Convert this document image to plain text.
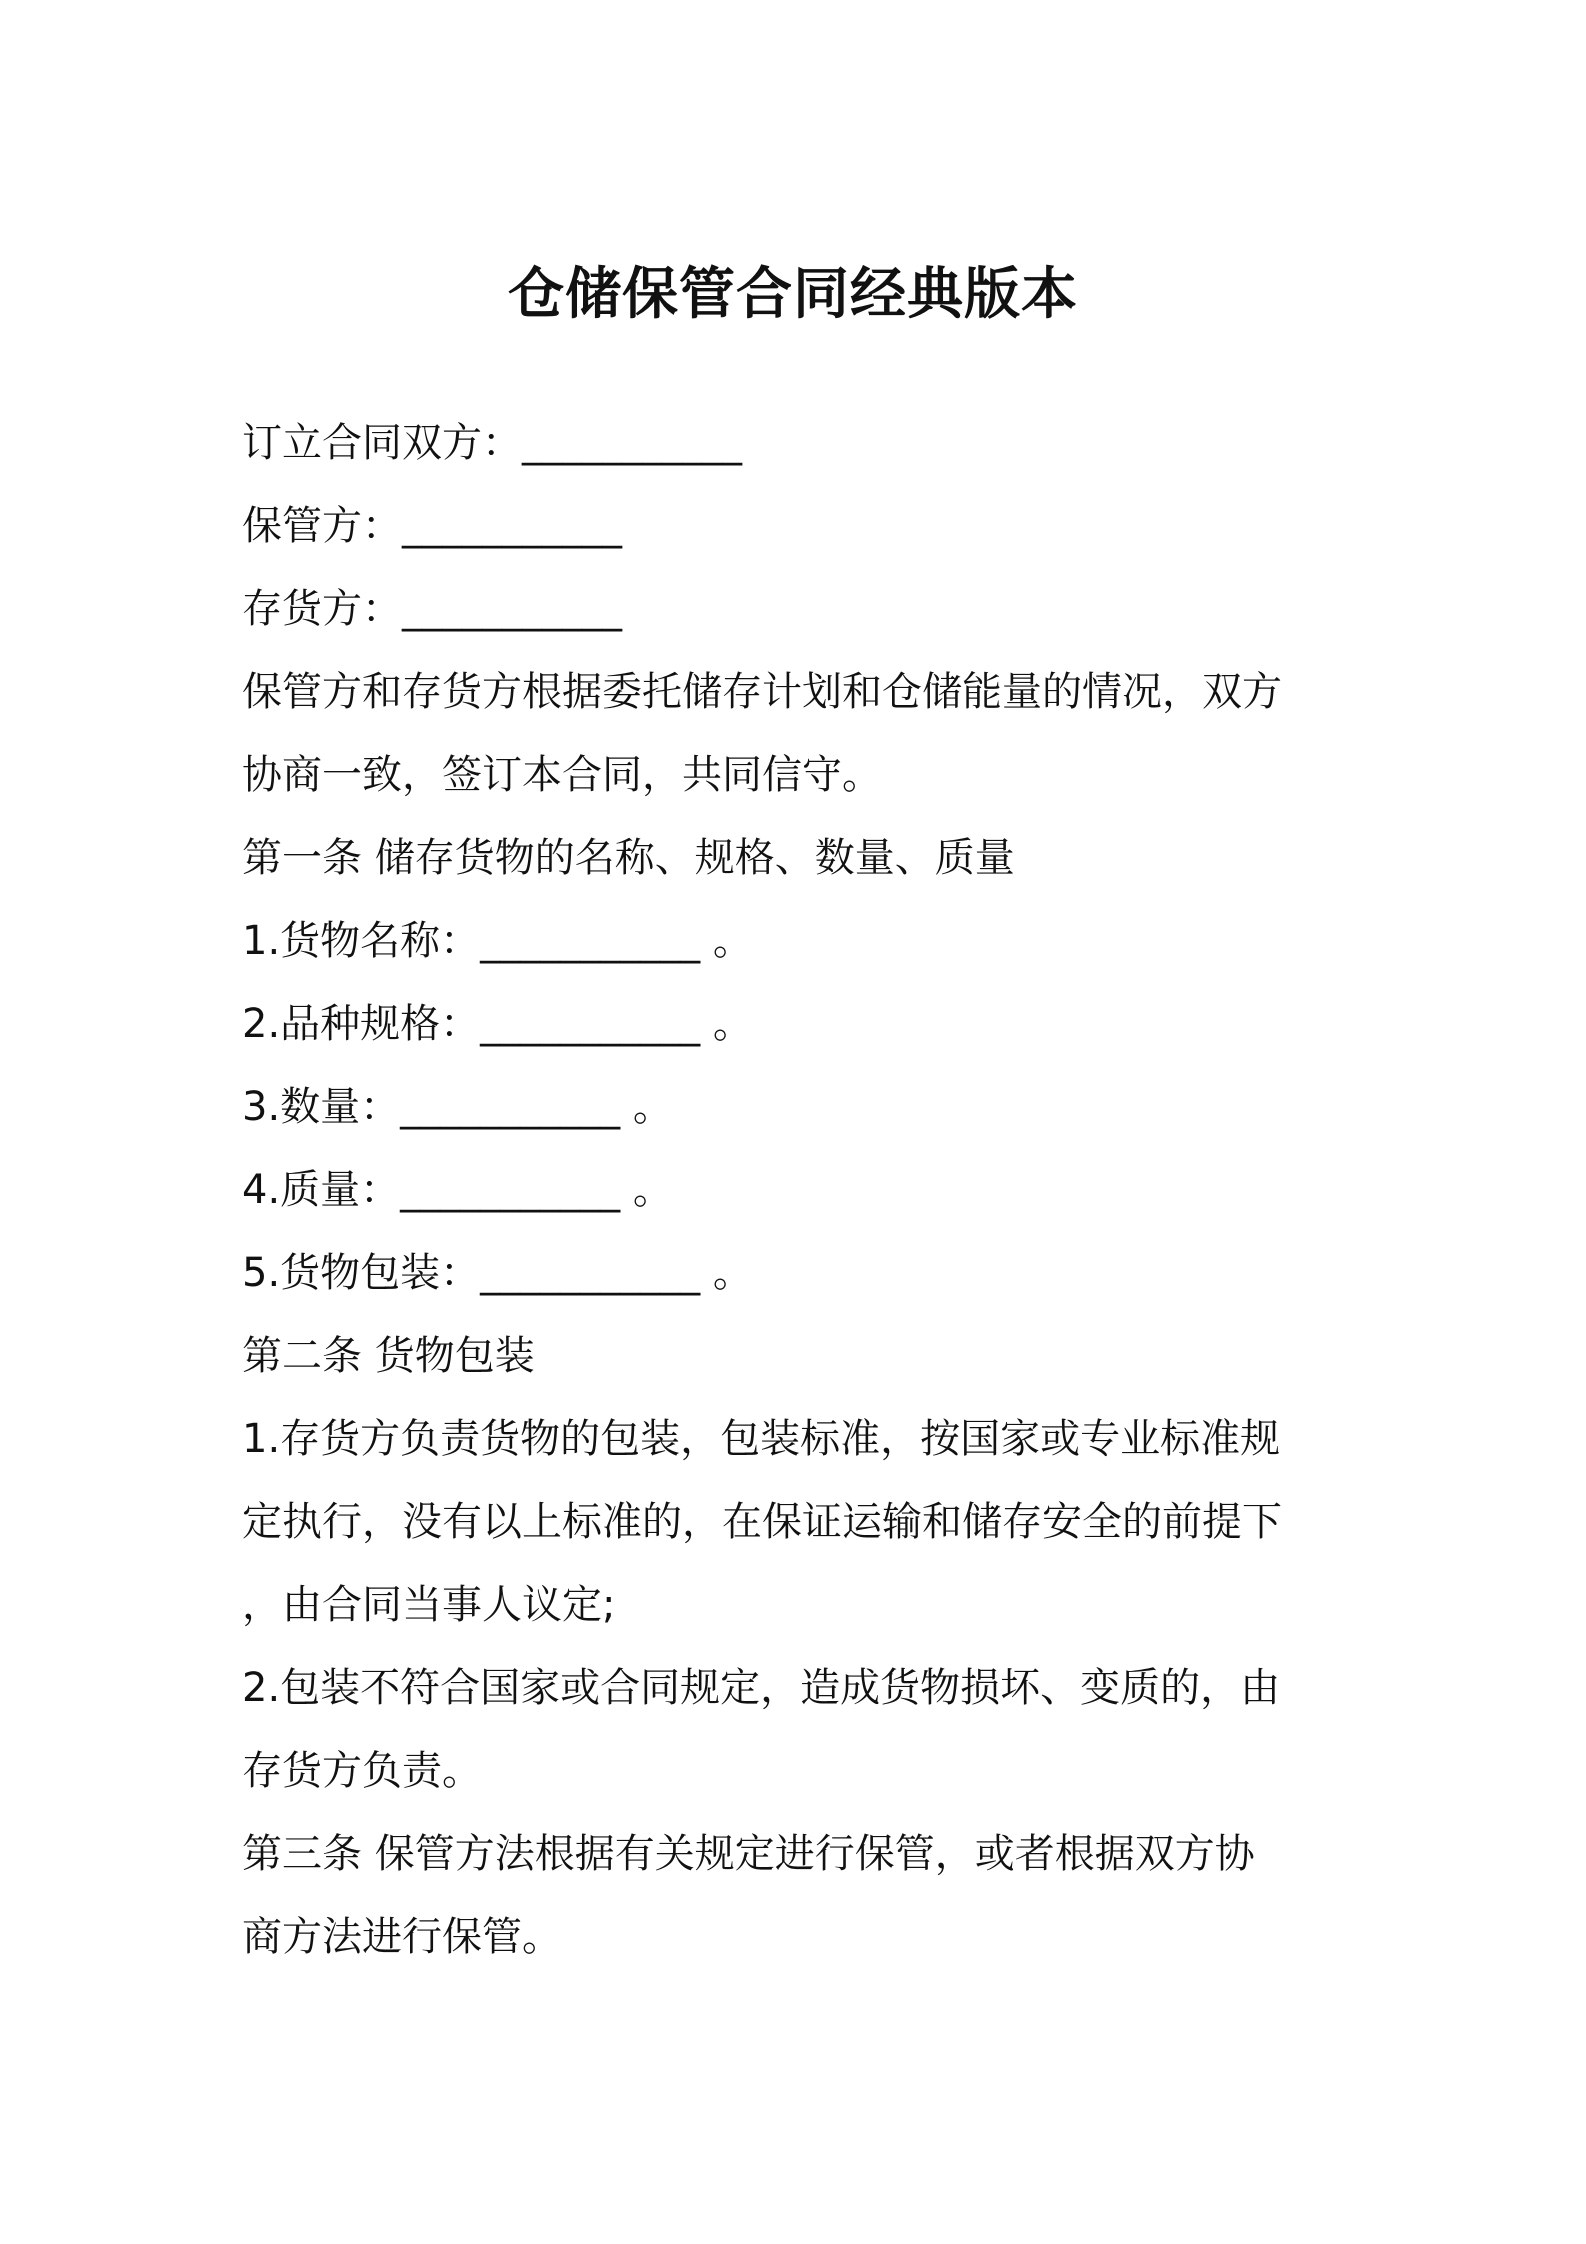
仓储保管合同经典版本

订立合同双方：___________

保管方：___________

存货方：___________

保管方和存货方根据委托储存计划和仓储能量的情况，双方

协商一致，签订本合同，共同信守。

第一条 储存货物的名称、规格、数量、质量

1.货物名称：___________ 。

2.品种规格：___________ 。

3.数量：___________ 。

4.质量：___________ 。

5.货物包装：___________ 。

第二条 货物包装

1.存货方负责货物的包装，包装标准，按国家或专业标准规

定执行，没有以上标准的，在保证运输和储存安全的前提下

，由合同当事人议定;

2.包装不符合国家或合同规定，造成货物损坏、变质的，由

存货方负责。

第三条 保管方法根据有关规定进行保管，或者根据双方协

商方法进行保管。
